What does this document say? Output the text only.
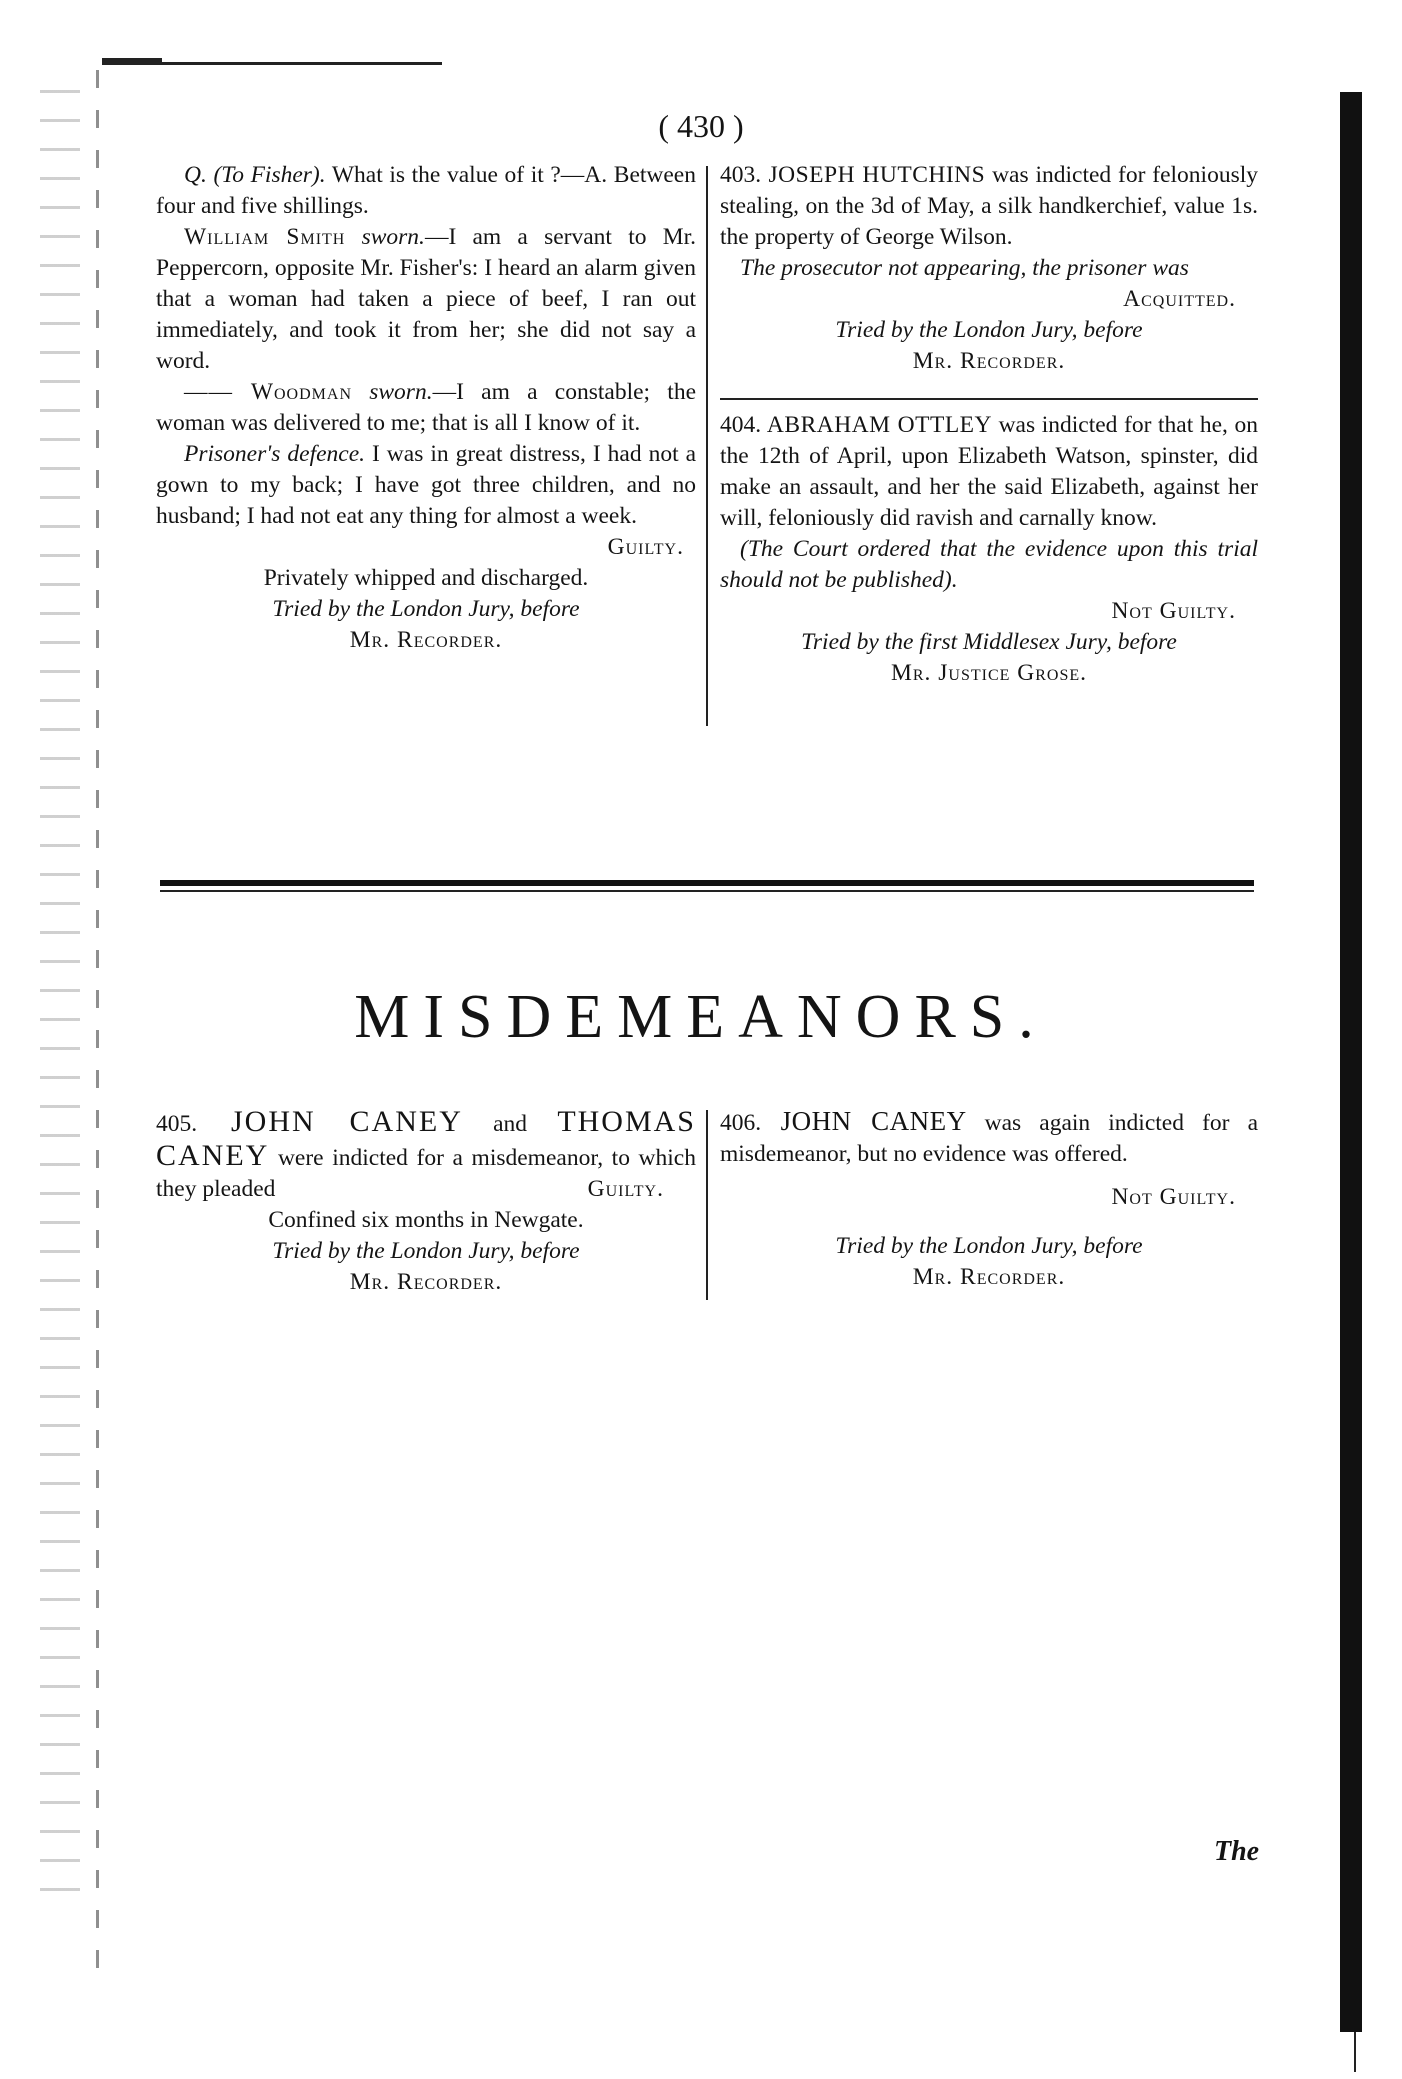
( 430 )

Q. (To Fisher). What is the value of it ?—A. Between four and five shillings.

William Smith sworn.—I am a servant to Mr. Peppercorn, opposite Mr. Fisher's: I heard an alarm given that a woman had taken a piece of beef, I ran out immediately, and took it from her; she did not say a word.

—— Woodman sworn.—I am a constable; the woman was delivered to me; that is all I know of it.

Prisoner's defence. I was in great distress, I had not a gown to my back; I have got three children, and no husband; I had not eat any thing for almost a week.

Guilty.

Privately whipped and discharged.

Tried by the London Jury, before

Mr. Recorder.

403. JOSEPH HUTCHINS was indicted for feloniously stealing, on the 3d of May, a silk handkerchief, value 1s. the property of George Wilson.

The prosecutor not appearing, the prisoner was

Acquitted.

Tried by the London Jury, before

Mr. Recorder.

404. ABRAHAM OTTLEY was indicted for that he, on the 12th of April, upon Elizabeth Watson, spinster, did make an assault, and her the said Elizabeth, against her will, feloniously did ravish and carnally know.

(The Court ordered that the evidence upon this trial should not be published).

Not Guilty.

Tried by the first Middlesex Jury, before

Mr. Justice Grose.

MISDEMEANORS.

405. JOHN CANEY and THOMAS CANEY were indicted for a misdemeanor, to which they pleaded	Guilty.

Confined six months in Newgate.

Tried by the London Jury, before

Mr. Recorder.

406. JOHN CANEY was again indicted for a misdemeanor, but no evidence was offered.

Not Guilty.

Tried by the London Jury, before

Mr. Recorder.

The
